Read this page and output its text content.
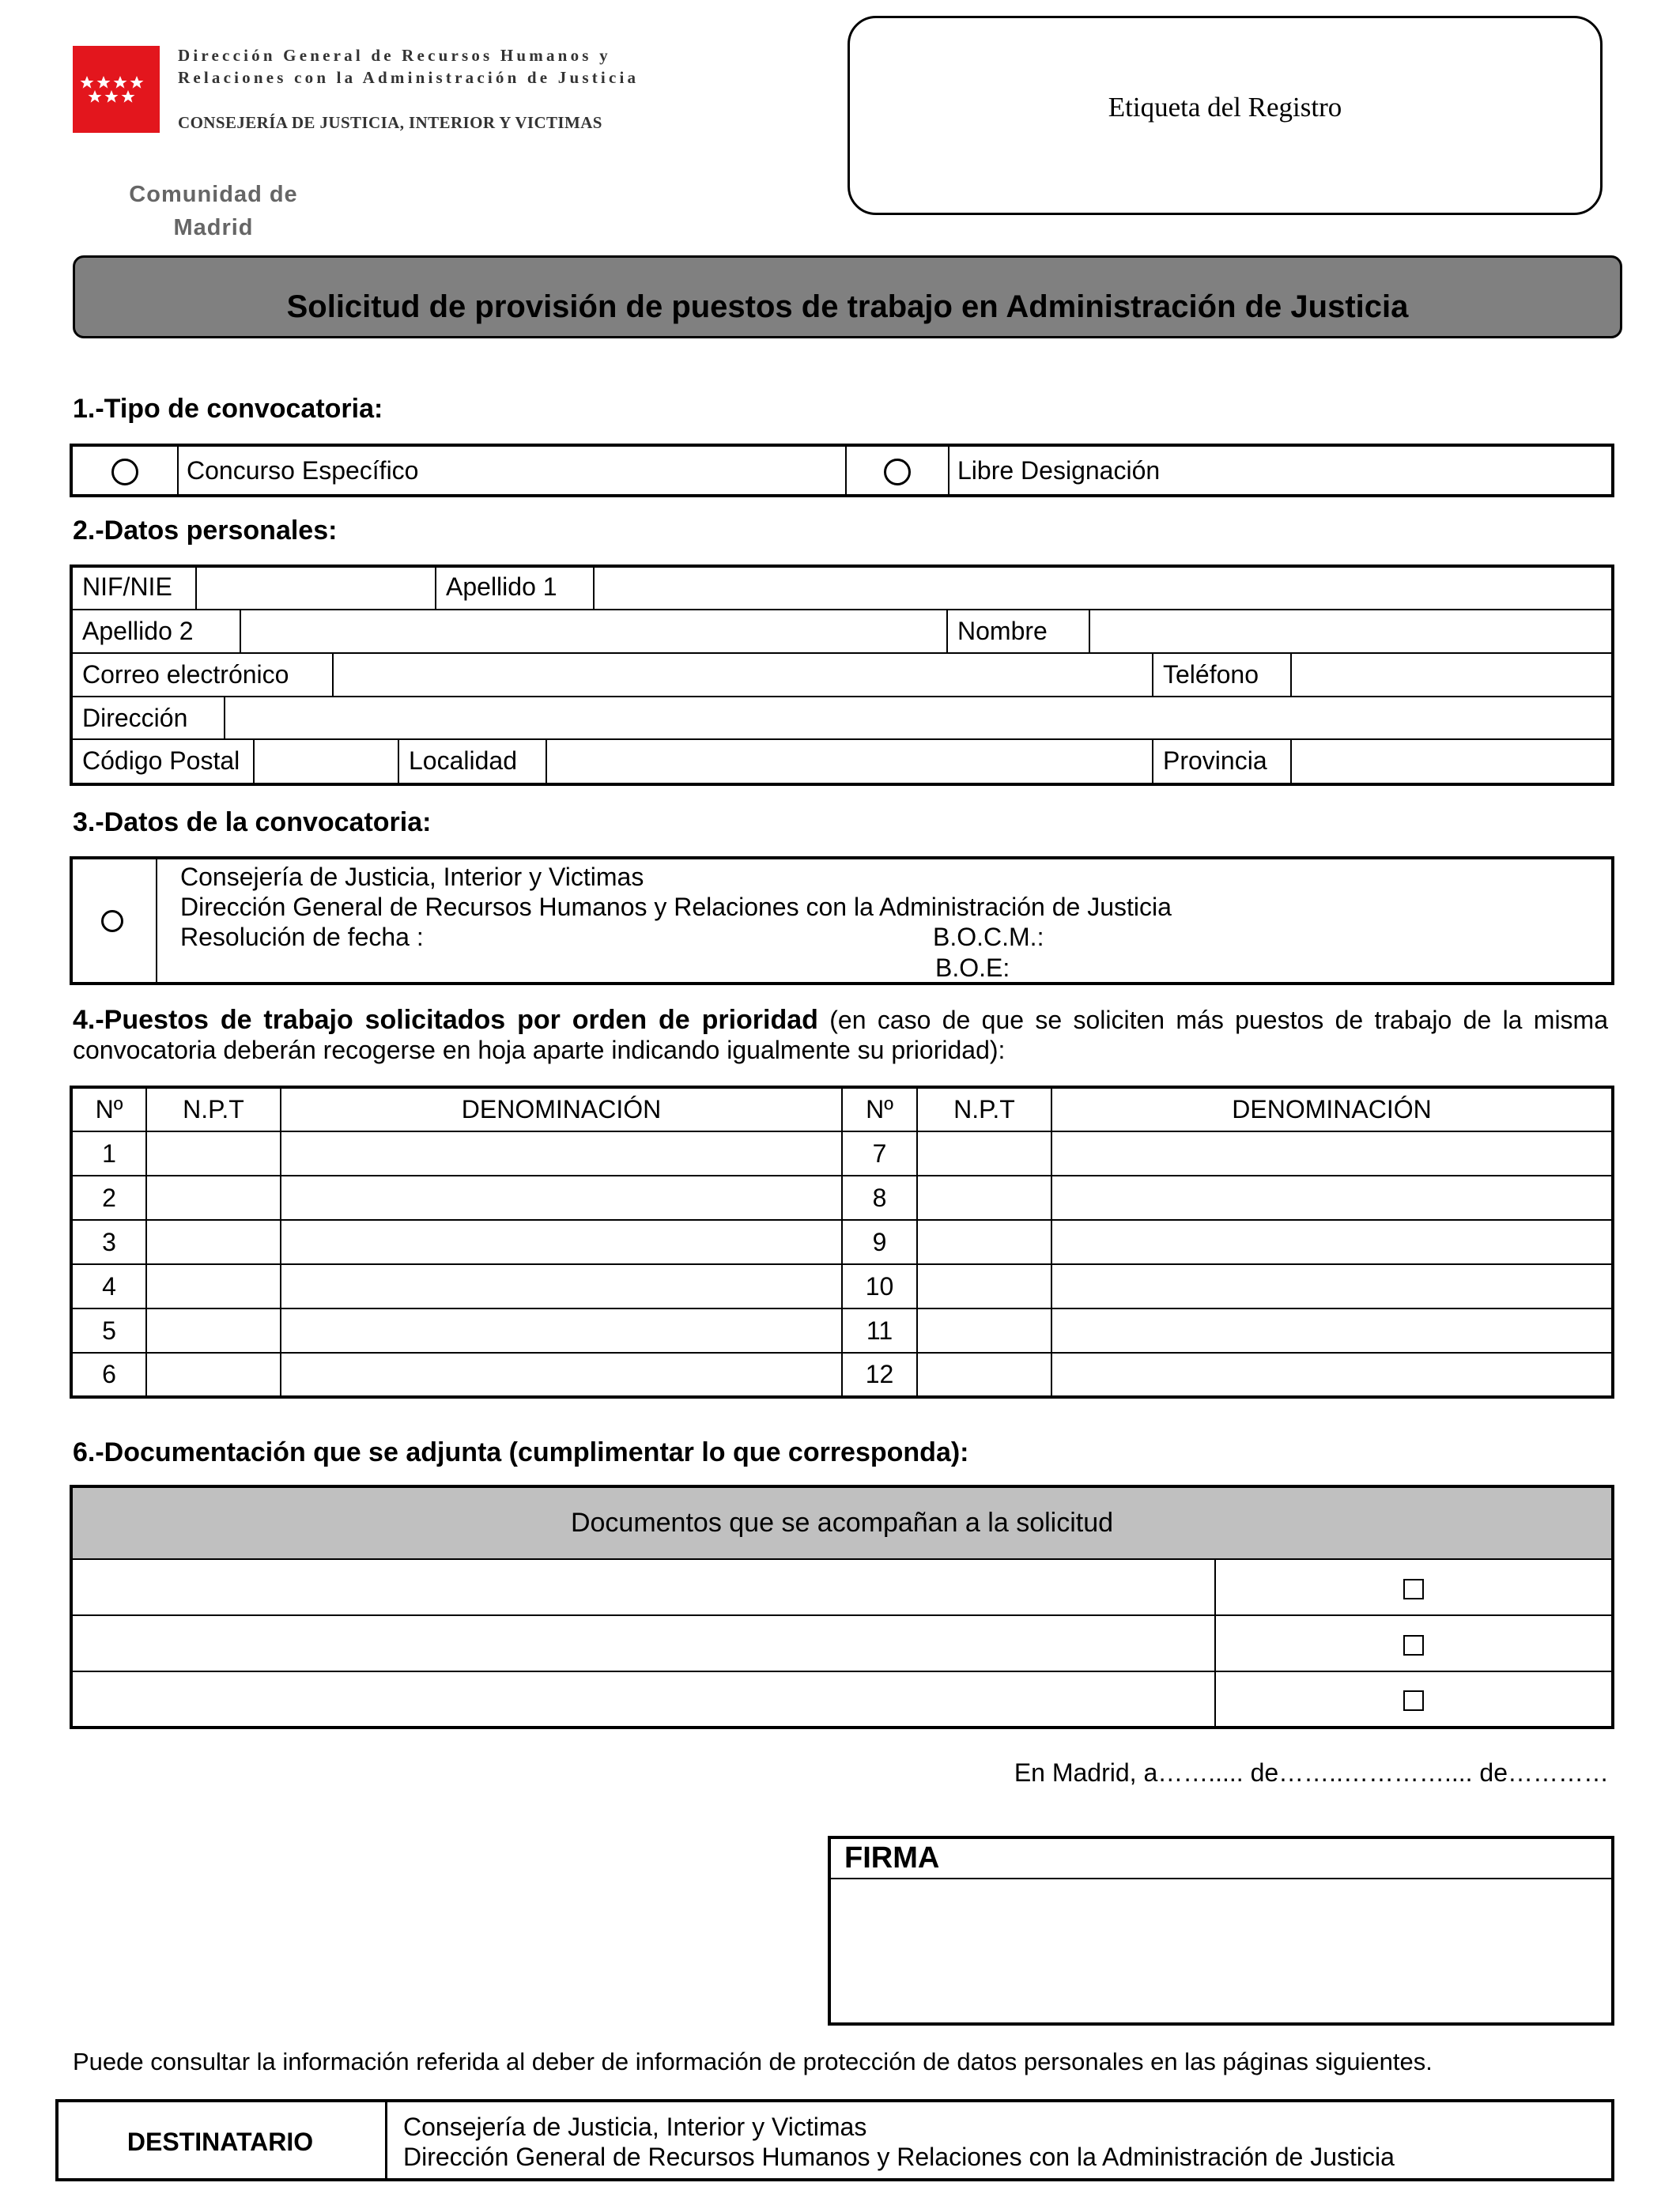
Dirección General de Recursos Humanos y
Relaciones con la Administración de Justicia
CONSEJERÍA DE JUSTICIA, INTERIOR Y VICTIMAS
Comunidad de
Madrid
Etiqueta del Registro
Solicitud de provisión de puestos de trabajo en Administración de Justicia
1.-Tipo de convocatoria:
	Concurso Específico		Libre Designación
2.-Datos personales:
NIF/NIE	Apellido 1
Apellido 2	Nombre
Correo electrónico	Teléfono
Dirección
Código Postal	Localidad	Provincia
3.-Datos de la convocatoria:
Consejería de Justicia, Interior y Victimas
Dirección General de Recursos Humanos y Relaciones con la Administración de Justicia
Resolución de fecha :	B.O.C.M.:
B.O.E:
4.-Puestos de trabajo solicitados por orden de prioridad (en caso de que se soliciten más puestos de trabajo de la misma convocatoria deberán recogerse en hoja aparte indicando igualmente su prioridad):
Nº	N.P.T	DENOMINACIÓN	Nº	N.P.T	DENOMINACIÓN
1			7		
2			8		
3			9		
4			10		
5			11		
6			12		
6.-Documentación que se adjunta (cumplimentar lo que corresponda):
Documentos que se acompañan a la solicitud	

En Madrid, a……..... de……..………….... de…………
FIRMA
Puede consultar la información referida al deber de información de protección de datos personales en las páginas siguientes.
DESTINATARIO
Consejería de Justicia, Interior y Victimas
Dirección General de Recursos Humanos y Relaciones con la Administración de Justicia
